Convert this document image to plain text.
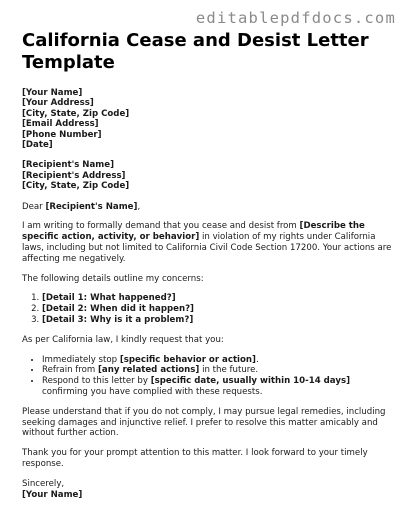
editablepdfdocs.com
California Cease and Desist Letter Template
[Your Name]
[Your Address]
[City, State, Zip Code]
[Email Address]
[Phone Number]
[Date]
[Recipient's Name]
[Recipient's Address]
[City, State, Zip Code]

Dear [Recipient's Name],

I am writing to formally demand that you cease and desist from [Describe the specific action, activity, or behavior] in violation of my rights under California laws, including but not limited to California Civil Code Section 17200. Your actions are affecting me negatively.

The following details outline my concerns:

1. [Detail 1: What happened?]
2. [Detail 2: When did it happen?]
3. [Detail 3: Why is it a problem?]

As per California law, I kindly request that you:

• Immediately stop [specific behavior or action].
• Refrain from [any related actions] in the future.
• Respond to this letter by [specific date, usually within 10-14 days] confirming you have complied with these requests.

Please understand that if you do not comply, I may pursue legal remedies, including seeking damages and injunctive relief. I prefer to resolve this matter amicably and without further action.

Thank you for your prompt attention to this matter. I look forward to your timely response.

Sincerely,

[Your Name]
